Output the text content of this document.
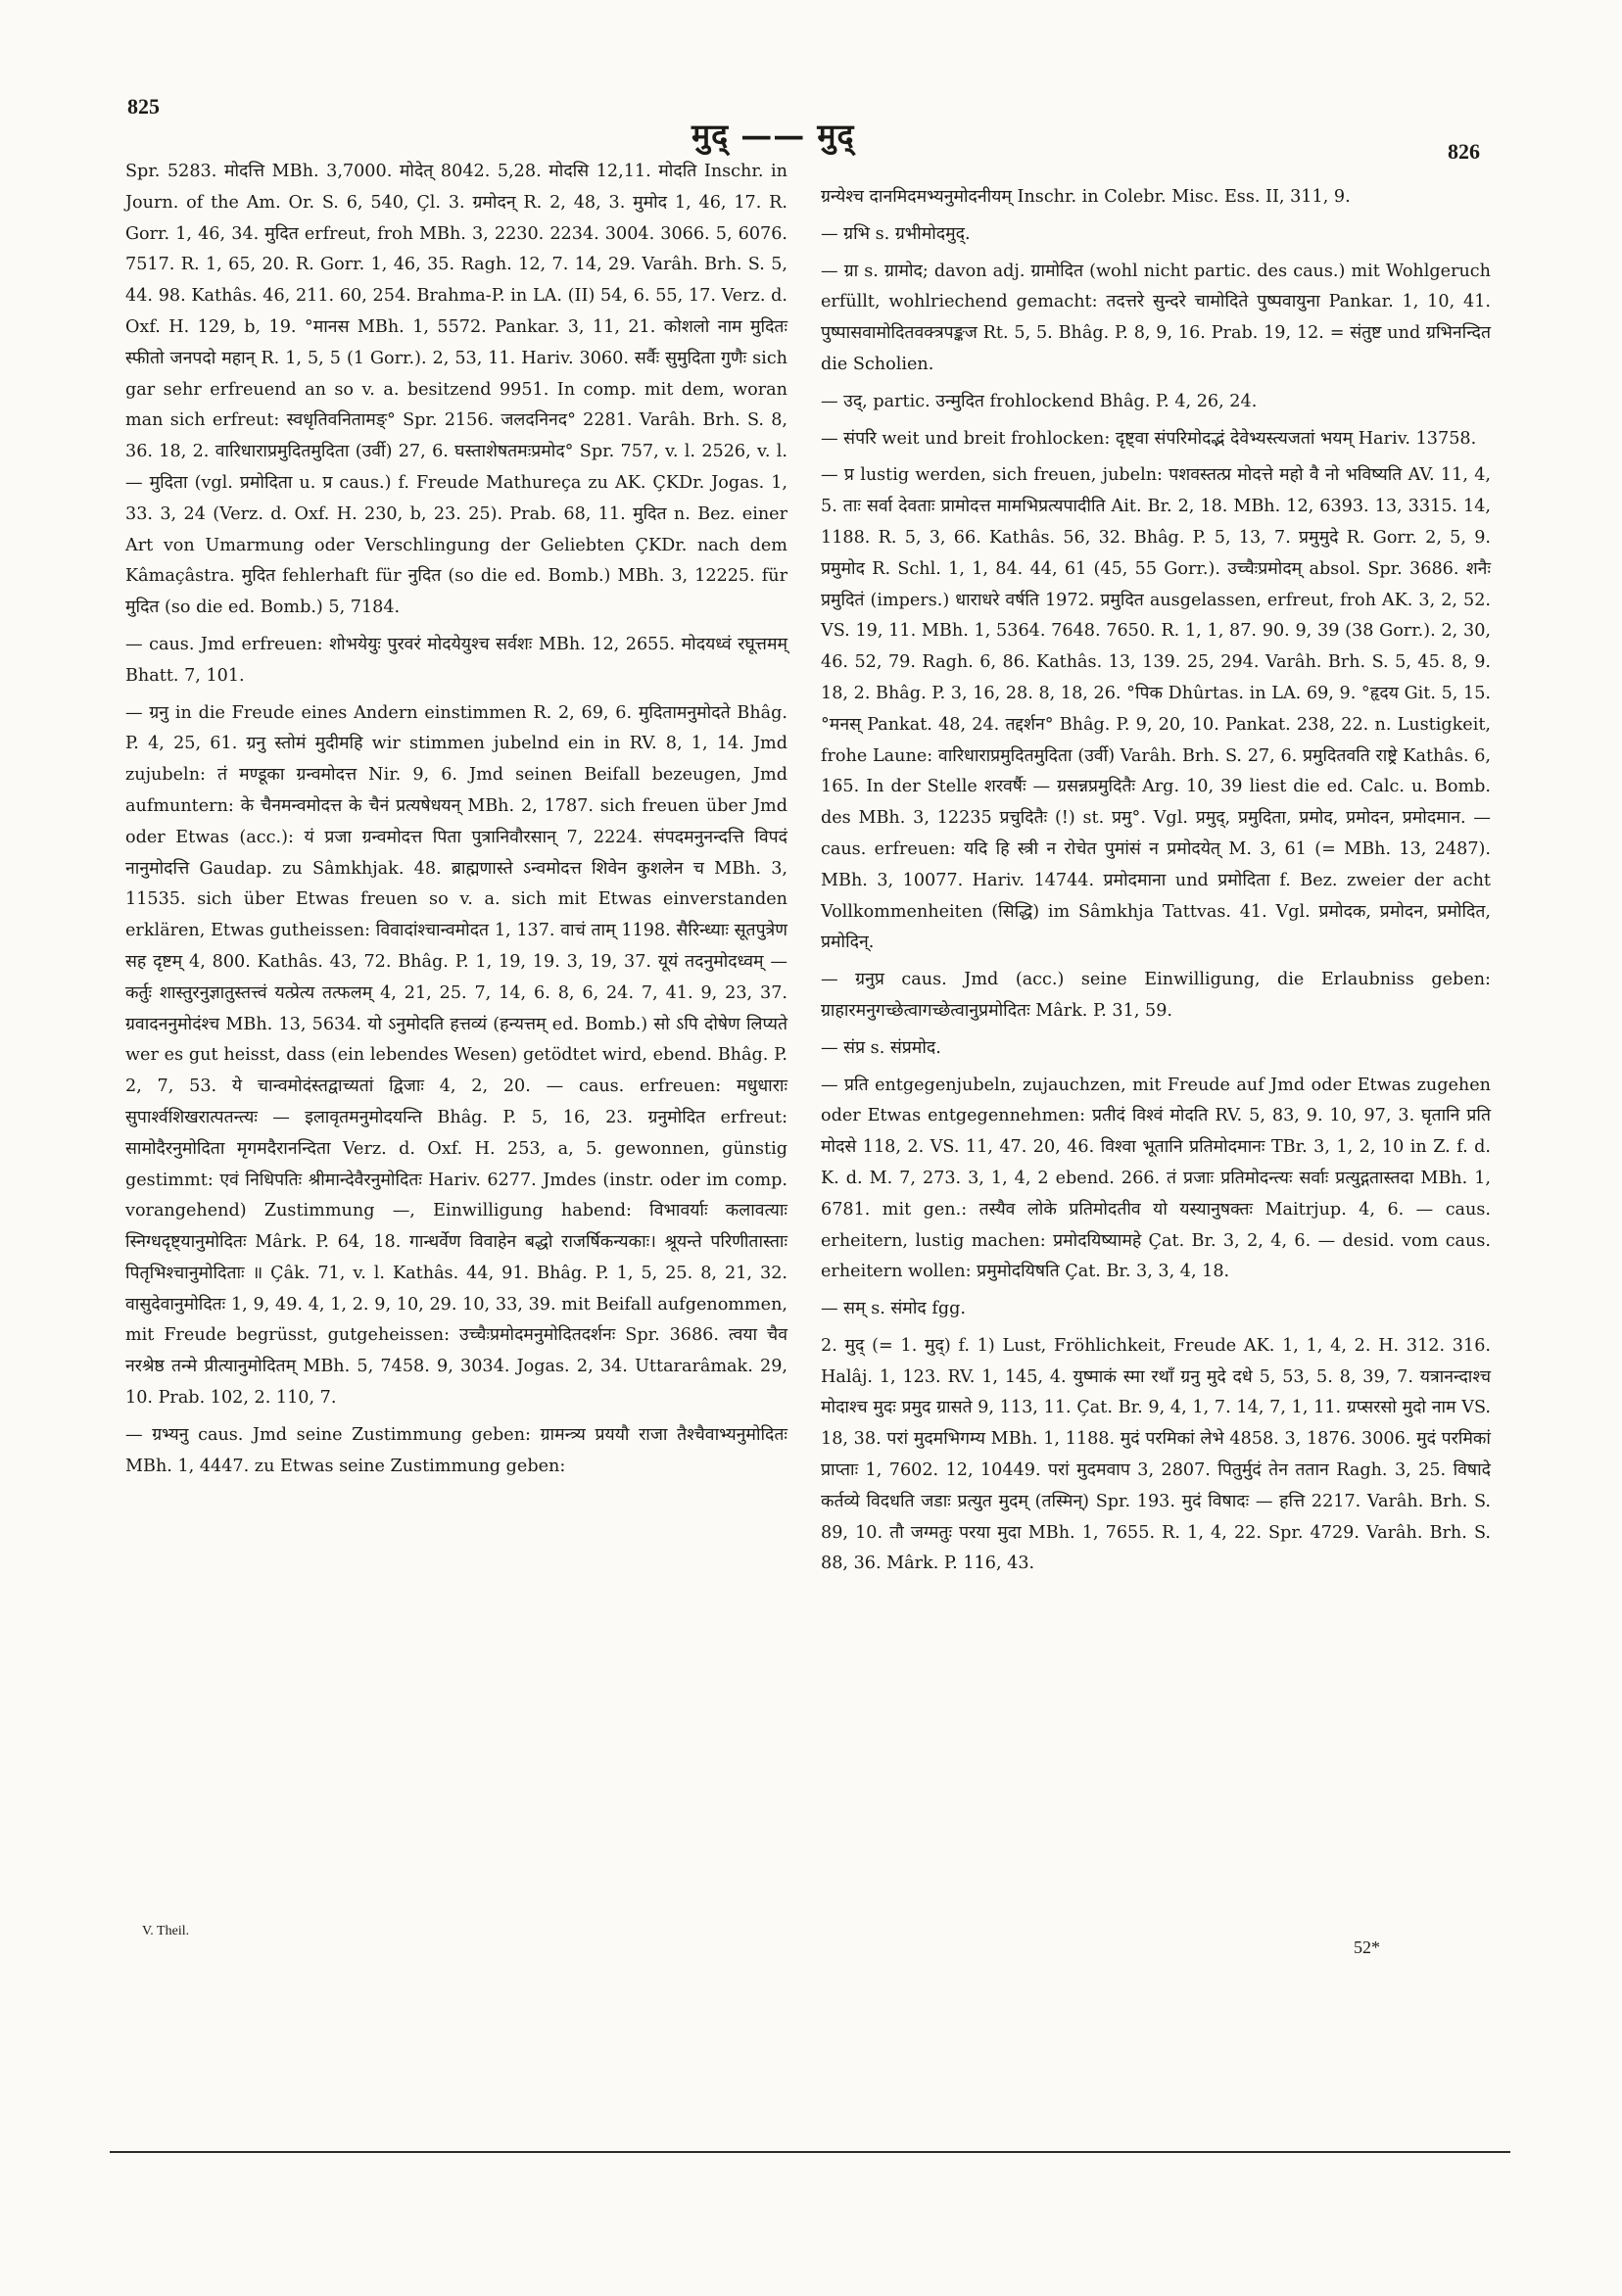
825
मुद् —— मुद्	826

Spr. 5283. मोदत्ति MBh. 3,7000. मोदेत् 8042. 5,28. मोदसि 12,11. मोदति Inschr. in Journ. of the Am. Or. S. 6, 540, Çl. 3. ग्रमोदन् R. 2, 48, 3. मुमोद 1, 46, 17. R. Gorr. 1, 46, 34. मुदित erfreut, froh MBh. 3, 2230. 2234. 3004. 3066. 5, 6076. 7517. R. 1, 65, 20. R. Gorr. 1, 46, 35. Ragh. 12, 7. 14, 29. Varâh. Brh. S. 5, 44. 98. Kathâs. 46, 211. 60, 254. Brahma-P. in LA. (II) 54, 6. 55, 17. Verz. d. Oxf. H. 129, b, 19. °मानस MBh. 1, 5572. Pankar. 3, 11, 21. कोशलो नाम मुदितः स्फीतो जनपदो महान् R. 1, 5, 5 (1 Gorr.). 2, 53, 11. Hariv. 3060. सर्वैः सुमुदिता गुणैः sich gar sehr erfreuend an so v. a. besitzend 9951. In comp. mit dem, woran man sich erfreut: स्वधृतिवनितामङ्° Spr. 2156. जलदनिनद° 2281. Varâh. Brh. S. 8, 36. 18, 2. वारिधाराप्रमुदितमुदिता (उर्वी) 27, 6. घस्ताशेषतमःप्रमोद° Spr. 757, v. l. 2526, v. l. — मुदिता (vgl. प्रमोदिता u. प्र caus.) f. Freude Mathureça zu AK. ÇKDr. Jogas. 1, 33. 3, 24 (Verz. d. Oxf. H. 230, b, 23. 25). Prab. 68, 11. मुदित n. Bez. einer Art von Umarmung oder Verschlingung der Geliebten ÇKDr. nach dem Kâmaçâstra. मुदित fehlerhaft für नुदित (so die ed. Bomb.) MBh. 3, 12225. für मुदित (so die ed. Bomb.) 5, 7184.

— caus. Jmd erfreuen: शोभयेयुः पुरवरं मोदयेयुश्च सर्वशः MBh. 12, 2655. मोदयध्वं रघूत्तमम् Bhatt. 7, 101.

— ग्रनु in die Freude eines Andern einstimmen R. 2, 69, 6. मुदितामनुमोदते Bhâg. P. 4, 25, 61. ग्रनु स्तोमं मुदीमहि wir stimmen jubelnd ein in RV. 8, 1, 14. Jmd zujubeln: तं मण्डूका ग्रन्वमोदत्त Nir. 9, 6. Jmd seinen Beifall bezeugen, Jmd aufmuntern: के चैनमन्वमोदत्त के चैनं प्रत्यषेधयन् MBh. 2, 1787. sich freuen über Jmd oder Etwas (acc.): यं प्रजा ग्रन्वमोदत्त पिता पुत्रानिवौरसान् 7, 2224. संपदमनुनन्दत्ति विपदं नानुमोदत्ति Gaudap. zu Sâmkhjak. 48. ब्राह्मणास्ते ऽन्वमोदत्त शिवेन कुशलेन च MBh. 3, 11535. sich über Etwas freuen so v. a. sich mit Etwas einverstanden erklären, Etwas gutheissen: विवादांश्चान्वमोदत 1, 137. वाचं ताम् 1198. सैरिन्ध्याः सूतपुत्रेण सह दृष्टम् 4, 800. Kathâs. 43, 72. Bhâg. P. 1, 19, 19. 3, 19, 37. यूयं तदनुमोदध्वम् — कर्तुः शास्तुरनुज्ञातुस्तत्त्वं यत्प्रेत्य तत्फलम् 4, 21, 25. 7, 14, 6. 8, 6, 24. 7, 41. 9, 23, 37. ग्रवादननुमोदंश्च MBh. 13, 5634. यो ऽनुमोदति हत्तव्यं (हन्यत्तम् ed. Bomb.) सो ऽपि दोषेण लिप्यते wer es gut heisst, dass (ein lebendes Wesen) getödtet wird, ebend. Bhâg. P. 2, 7, 53. ये चान्वमोदंस्तद्वाच्यतां द्विजाः 4, 2, 20. — caus. erfreuen: मधुधाराः सुपार्श्वशिखरात्पतन्त्यः — इलावृतमनुमोदयन्ति Bhâg. P. 5, 16, 23. ग्रनुमोदित erfreut: सामोदैरनुमोदिता मृगमदैरानन्दिता Verz. d. Oxf. H. 253, a, 5. gewonnen, günstig gestimmt: एवं निधिपतिः श्रीमान्देवैरनुमोदितः Hariv. 6277. Jmdes (instr. oder im comp. vorangehend) Zustimmung —, Einwilligung habend: विभावर्याः कलावत्याः स्निग्धदृष्ट्यानुमोदितः Mârk. P. 64, 18. गान्धर्वेण विवाहेन बद्धो राजर्षिकन्यकाः। श्रूयन्ते परिणीतास्ताः पितृभिश्चानुमोदिताः ॥ Çâk. 71, v. l. Kathâs. 44, 91. Bhâg. P. 1, 5, 25. 8, 21, 32. वासुदेवानुमोदितः 1, 9, 49. 4, 1, 2. 9, 10, 29. 10, 33, 39. mit Beifall aufgenommen, mit Freude begrüsst, gutgeheissen: उच्चैःप्रमोदमनुमोदितदर्शनः Spr. 3686. त्वया चैव नरश्रेष्ठ तन्मे प्रीत्यानुमोदितम् MBh. 5, 7458. 9, 3034. Jogas. 2, 34. Uttararâmak. 29, 10. Prab. 102, 2. 110, 7.

— ग्रभ्यनु caus. Jmd seine Zustimmung geben: ग्रामन्त्र्य प्रययौ राजा तैश्चैवाभ्यनुमोदितः MBh. 1, 4447. zu Etwas seine Zustimmung geben:

ग्रन्येश्च दानमिदमभ्यनुमोदनीयम् Inschr. in Colebr. Misc. Ess. II, 311, 9.

— ग्रभि s. ग्रभीमोदमुद्.

— ग्रा s. ग्रामोद; davon adj. ग्रामोदित (wohl nicht partic. des caus.) mit Wohlgeruch erfüllt, wohlriechend gemacht: तदत्तरे सुन्दरे चामोदिते पुष्पवायुना Pankar. 1, 10, 41. पुष्पासवामोदितवक्त्रपङ्कज Rt. 5, 5. Bhâg. P. 8, 9, 16. Prab. 19, 12. = संतुष्ट und ग्रभिनन्दित die Scholien.

— उद्, partic. उन्मुदित frohlockend Bhâg. P. 4, 26, 24.

— संपरि weit und breit frohlocken: दृष्ट्वा संपरिमोदद्भं देवेभ्यस्त्यजतां भयम् Hariv. 13758.

— प्र lustig werden, sich freuen, jubeln: पशवस्तत्प्र मोदत्ते महो वै नो भविष्यति AV. 11, 4, 5. ताः सर्वा देवताः प्रामोदत्त मामभिप्रत्यपादीति Ait. Br. 2, 18. MBh. 12, 6393. 13, 3315. 14, 1188. R. 5, 3, 66. Kathâs. 56, 32. Bhâg. P. 5, 13, 7. प्रमुमुदे R. Gorr. 2, 5, 9. प्रमुमोद R. Schl. 1, 1, 84. 44, 61 (45, 55 Gorr.). उच्चैःप्रमोदम् absol. Spr. 3686. शनैः प्रमुदितं (impers.) धाराधरे वर्षति 1972. प्रमुदित ausgelassen, erfreut, froh AK. 3, 2, 52. VS. 19, 11. MBh. 1, 5364. 7648. 7650. R. 1, 1, 87. 90. 9, 39 (38 Gorr.). 2, 30, 46. 52, 79. Ragh. 6, 86. Kathâs. 13, 139. 25, 294. Varâh. Brh. S. 5, 45. 8, 9. 18, 2. Bhâg. P. 3, 16, 28. 8, 18, 26. °पिक Dhûrtas. in LA. 69, 9. °हृदय Git. 5, 15. °मनस् Pankat. 48, 24. तद्दर्शन° Bhâg. P. 9, 20, 10. Pankat. 238, 22. n. Lustigkeit, frohe Laune: वारिधाराप्रमुदितमुदिता (उर्वी) Varâh. Brh. S. 27, 6. प्रमुदितवति राष्ट्रे Kathâs. 6, 165. In der Stelle शरवर्षैः — ग्रसन्नप्रमुदितैः Arg. 10, 39 liest die ed. Calc. u. Bomb. des MBh. 3, 12235 प्रचुदितैः (!) st. प्रमु°. Vgl. प्रमुद्, प्रमुदिता, प्रमोद, प्रमोदन, प्रमोदमान. — caus. erfreuen: यदि हि स्त्री न रोचेत पुमांसं न प्रमोदयेत् M. 3, 61 (= MBh. 13, 2487). MBh. 3, 10077. Hariv. 14744. प्रमोदमाना und प्रमोदिता f. Bez. zweier der acht Vollkommenheiten (सिद्धि) im Sâmkhja Tattvas. 41. Vgl. प्रमोदक, प्रमोदन, प्रमोदित, प्रमोदिन्.

— ग्रनुप्र caus. Jmd (acc.) seine Einwilligung, die Erlaubniss geben: ग्राहारमनुगच्छेत्वागच्छेत्वानुप्रमोदितः Mârk. P. 31, 59.

— संप्र s. संप्रमोद.

— प्रति entgegenjubeln, zujauchzen, mit Freude auf Jmd oder Etwas zugehen oder Etwas entgegennehmen: प्रतीदं विश्वं मोदति RV. 5, 83, 9. 10, 97, 3. घृतानि प्रति मोदसे 118, 2. VS. 11, 47. 20, 46. विश्वा भूतानि प्रतिमोदमानः TBr. 3, 1, 2, 10 in Z. f. d. K. d. M. 7, 273. 3, 1, 4, 2 ebend. 266. तं प्रजाः प्रतिमोदन्त्यः सर्वाः प्रत्युद्गतास्तदा MBh. 1, 6781. mit gen.: तस्यैव लोके प्रतिमोदतीव यो यस्यानुषक्तः Maitrjup. 4, 6. — caus. erheitern, lustig machen: प्रमोदयिष्यामहे Çat. Br. 3, 2, 4, 6. — desid. vom caus. erheitern wollen: प्रमुमोदयिषति Çat. Br. 3, 3, 4, 18.

— सम् s. संमोद fgg.

2. मुद् (= 1. मुद्) f. 1) Lust, Fröhlichkeit, Freude AK. 1, 1, 4, 2. H. 312. 316. Halâj. 1, 123. RV. 1, 145, 4. युष्माकं स्मा रथाँ ग्रनु मुदे दधे 5, 53, 5. 8, 39, 7. यत्रानन्दाश्च मोदाश्च मुदः प्रमुद ग्रासते 9, 113, 11. Çat. Br. 9, 4, 1, 7. 14, 7, 1, 11. ग्रप्सरसो मुदो नाम VS. 18, 38. परां मुदमभिगम्य MBh. 1, 1188. मुदं परमिकां लेभे 4858. 3, 1876. 3006. मुदं परमिकां प्राप्ताः 1, 7602. 12, 10449. परां मुदमवाप 3, 2807. पितुर्मुदं तेन ततान Ragh. 3, 25. विषादे कर्तव्ये विदधति जडाः प्रत्युत मुदम् (तस्मिन्) Spr. 193. मुदं विषादः — हत्ति 2217. Varâh. Brh. S. 89, 10. तौ जग्मतुः परया मुदा MBh. 1, 7655. R. 1, 4, 22. Spr. 4729. Varâh. Brh. S. 88, 36. Mârk. P. 116, 43.

V. Theil.
52*
